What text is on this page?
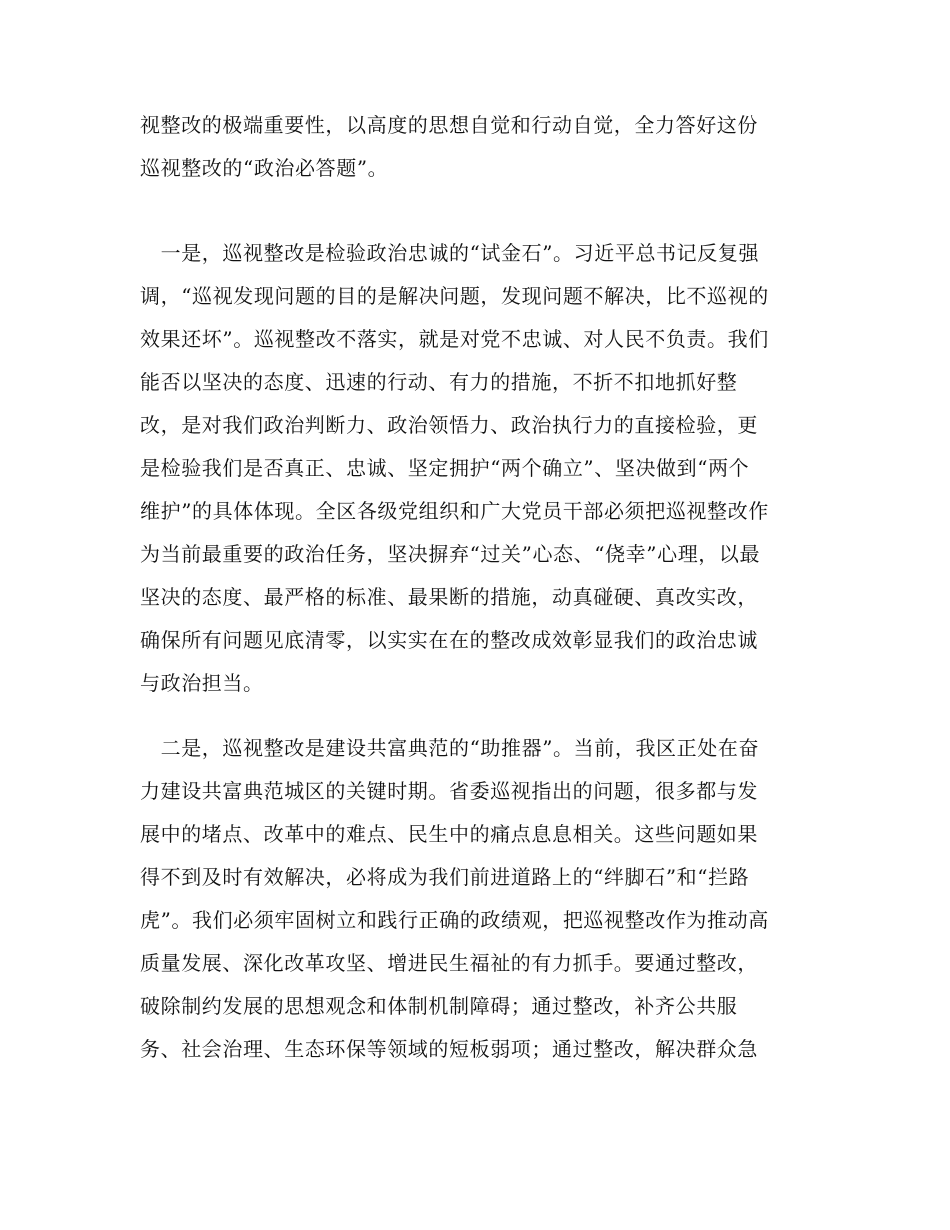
视整改的极端重要性，以高度的思想自觉和行动自觉，全力答好这份
巡视整改的“政治必答题”。
　一是，巡视整改是检验政治忠诚的“试金石”。习近平总书记反复强
调，“巡视发现问题的目的是解决问题，发现问题不解决，比不巡视的
效果还坏”。巡视整改不落实，就是对党不忠诚、对人民不负责。我们
能否以坚决的态度、迅速的行动、有力的措施，不折不扣地抓好整
改，是对我们政治判断力、政治领悟力、政治执行力的直接检验，更
是检验我们是否真正、忠诚、坚定拥护“两个确立”、坚决做到“两个
维护”的具体体现。全区各级党组织和广大党员干部必须把巡视整改作
为当前最重要的政治任务，坚决摒弃“过关”心态、“侥幸”心理，以最
坚决的态度、最严格的标准、最果断的措施，动真碰硬、真改实改，
确保所有问题见底清零，以实实在在的整改成效彰显我们的政治忠诚
与政治担当。
　二是，巡视整改是建设共富典范的“助推器”。当前，我区正处在奋
力建设共富典范城区的关键时期。省委巡视指出的问题，很多都与发
展中的堵点、改革中的难点、民生中的痛点息息相关。这些问题如果
得不到及时有效解决，必将成为我们前进道路上的“绊脚石”和“拦路
虎”。我们必须牢固树立和践行正确的政绩观，把巡视整改作为推动高
质量发展、深化改革攻坚、增进民生福祉的有力抓手。要通过整改，
破除制约发展的思想观念和体制机制障碍；通过整改，补齐公共服
务、社会治理、生态环保等领域的短板弱项；通过整改，解决群众急
